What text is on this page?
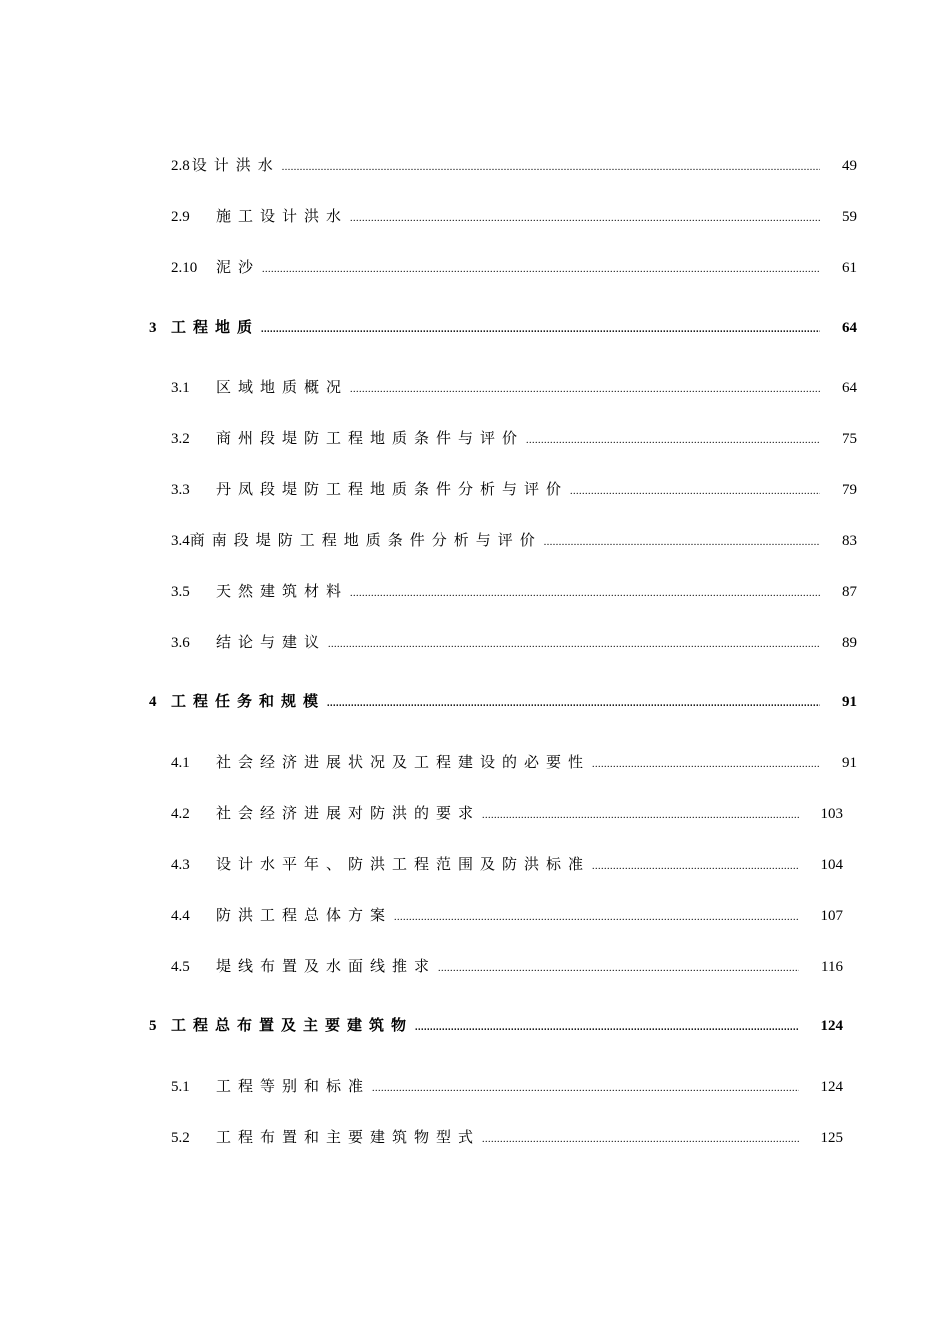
2.8 设计洪水 .....	49
2.9	施工设计洪水 .....	59
2.10	泥沙 .....	61
3 工程地质 .....	64
3.1	区域地质概况 .....	64
3.2	商州段堤防工程地质条件与评价 .....	75
3.3	丹凤段堤防工程地质条件分析与评价 .....	79
3.4 商南段堤防工程地质条件分析与评价 .....	83
3.5	天然建筑材料 .....	87
3.6	结论与建议 .....	89
4 工程任务和规模 .....	91
4.1	社会经济进展状况及工程建设的必要性 .....	91
4.2	社会经济进展对防洪的要求 .....	103
4.3	设计水平年、防洪工程范围及防洪标准 .....	104
4.4	防洪工程总体方案 .....	107
4.5	堤线布置及水面线推求 .....	116
5 工程总布置及主要建筑物 .....	124
5.1	工程等别和标准 .....	124
5.2	工程布置和主要建筑物型式 .....	125
